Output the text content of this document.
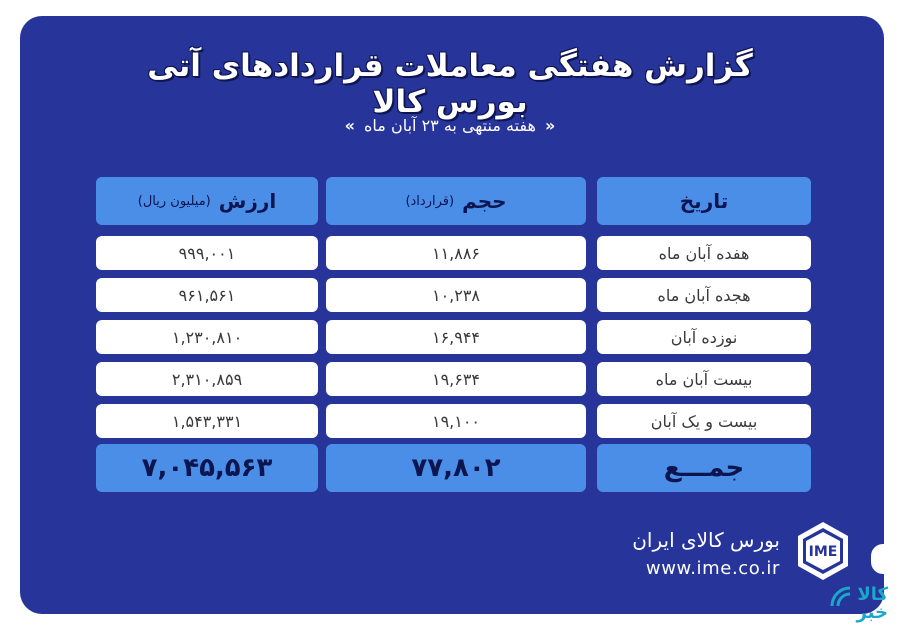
گزارش هفتگی معاملات قراردادهای آتی بورس کالا
« هفته منتهی به ۲۳ آبان ماه »
تاریخ
حجم
(قرارداد)
ارزش
(میلیون ریال)
هفده آبان ماه
۱۱,۸۸۶
۹۹۹,۰۰۱
هجده آبان ماه
۱۰,۲۳۸
۹۶۱,۵۶۱
نوزده آبان
۱۶,۹۴۴
۱,۲۳۰,۸۱۰
بیست آبان ماه
۱۹,۶۳۴
۲,۳۱۰,۸۵۹
بیست و یک آبان
۱۹,۱۰۰
۱,۵۴۳,۳۳۱
جمـــع
۷۷,۸۰۲
۷,۰۴۵,۵۶۳
بورس کالای ایران
www.ime.co.ir
IME
کالا
خبر
